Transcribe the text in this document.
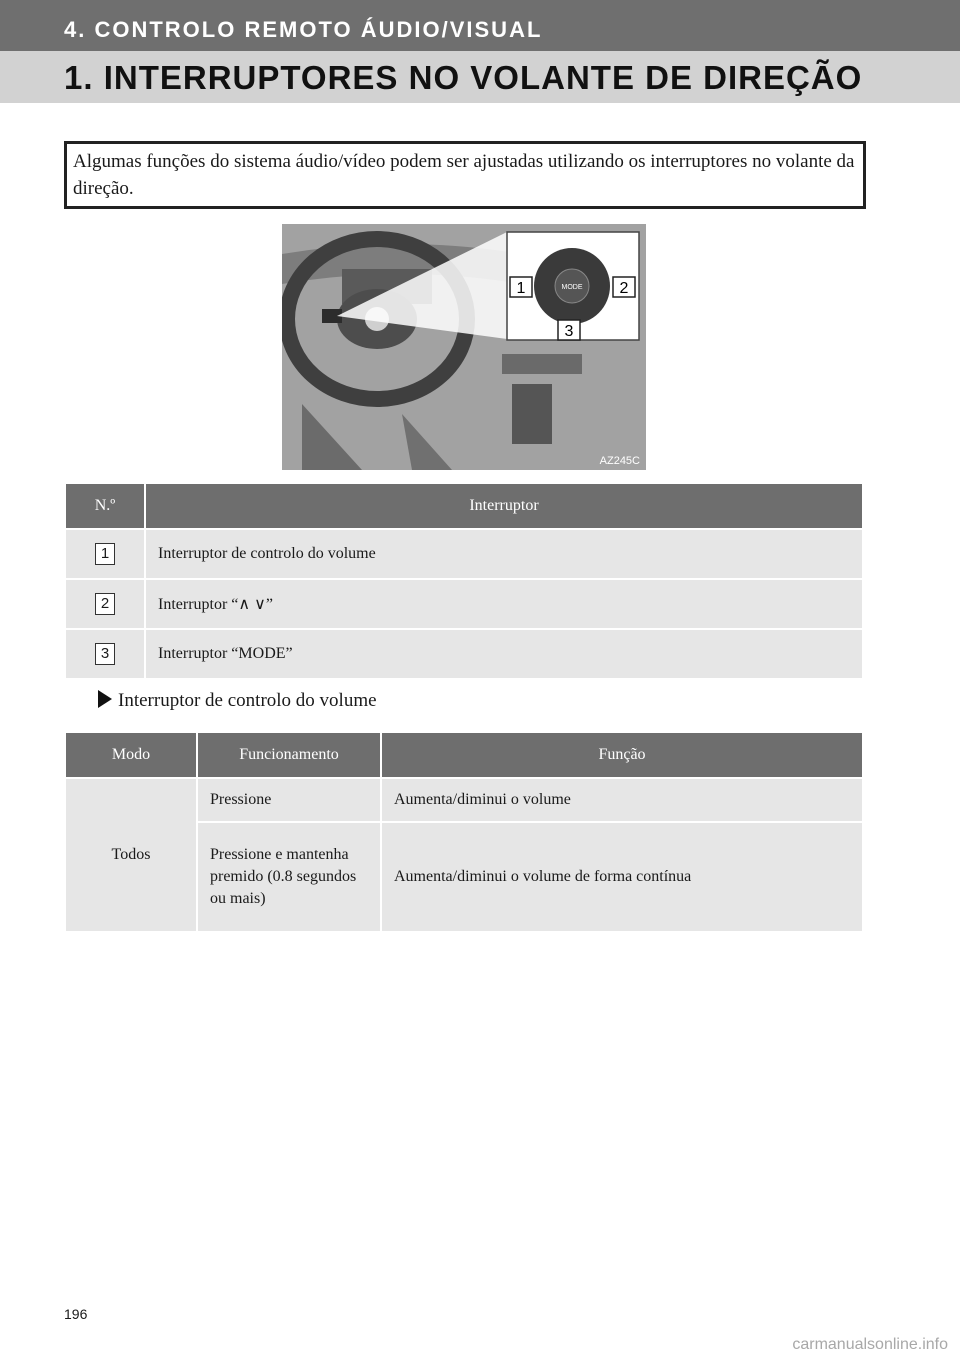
4. CONTROLO REMOTO ÁUDIO/VISUAL
1. INTERRUPTORES NO VOLANTE DE DIREÇÃO
Algumas funções do sistema áudio/vídeo podem ser ajustadas utilizando os interruptores no volante da direção.
MODE
1	2
3
AZ245C
N.º	Interruptor
1	Interruptor de controlo do volume
2	Interruptor “∧ ∨”
3	Interruptor “MODE”
Interruptor de controlo do volume
Modo	Funcionamento	Função
Todos	Pressione	Aumenta/diminui o volume
	Pressione e mantenha premido (0.8 segundos ou mais)	Aumenta/diminui o volume de forma contínua
196
carmanualsonline.info
